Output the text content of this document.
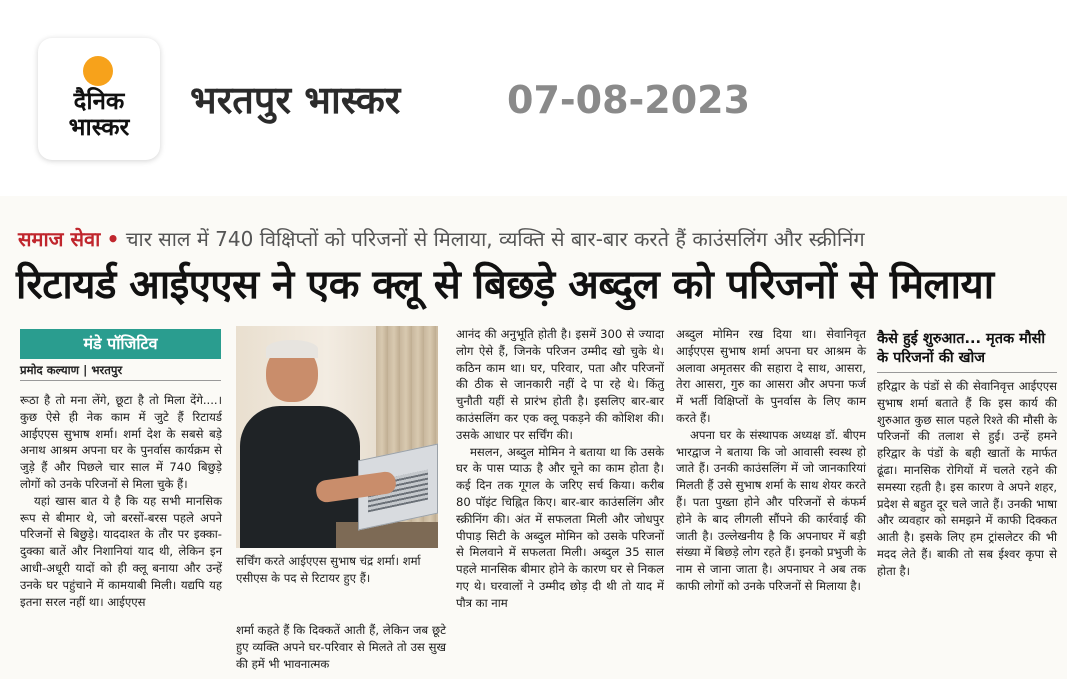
दैनिक
भास्कर
भरतपुर भास्कर	07-08-2023
समाज सेवा • चार साल में 740 विक्षिप्तों को परिजनों से मिलाया, व्यक्ति से बार-बार करते हैं काउंसलिंग और स्क्रीनिंग
रिटायर्ड आईएएस ने एक क्लू से बिछड़े अब्दुल को परिजनों से मिलाया
मंडे पॉजिटिव
प्रमोद कल्याण | भरतपुर

रूठा है तो मना लेंगे, छूटा है तो मिला देंगे....। कुछ ऐसे ही नेक काम में जुटे हैं रिटायर्ड आईएएस सुभाष शर्मा। शर्मा देश के सबसे बड़े अनाथ आश्रम अपना घर के पुनर्वास कार्यक्रम से जुड़े हैं और पिछले चार साल में 740 बिछुड़े लोगों को उनके परिजनों से मिला चुके हैं।

यहां खास बात ये है कि यह सभी मानसिक रूप से बीमार थे, जो बरसों-बरस पहले अपने परिजनों से बिछुड़े। याददाश्त के तौर पर इक्का-दुक्का बातें और निशानियां याद थी, लेकिन इन आधी-अधूरी यादों को ही क्लू बनाया और उन्हें उनके घर पहुंचाने में कामयाबी मिली। यद्यपि यह इतना सरल नहीं था। आईएएस

सर्चिंग करते आईएएस सुभाष चंद्र शर्मा। शर्मा एसीएस के पद से रिटायर हुए हैं।

शर्मा कहते हैं कि दिक्कतें आती हैं, लेकिन जब छूटे हुए व्यक्ति अपने घर-परिवार से मिलते तो उस सुख की हमें भी भावनात्मक

आनंद की अनुभूति होती है। इसमें 300 से ज्यादा लोग ऐसे हैं, जिनके परिजन उम्मीद खो चुके थे। कठिन काम था। घर, परिवार, पता और परिजनों की ठीक से जानकारी नहीं दे पा रहे थे। किंतु चुनौती यहीं से प्रारंभ होती है। इसलिए बार-बार काउंसलिंग कर एक क्लू पकड़ने की कोशिश की। उसके आधार पर सर्चिंग की।

मसलन, अब्दुल मोमिन ने बताया था कि उसके घर के पास प्याऊ है और चूने का काम होता है। कई दिन तक गूगल के जरिए सर्च किया। करीब 80 पॉइंट चिह्नित किए। बार-बार काउंसलिंग और स्क्रीनिंग की। अंत में सफलता मिली और जोधपुर पीपाड़ सिटी के अब्दुल मोमिन को उसके परिजनों से मिलवाने में सफलता मिली। अब्दुल 35 साल पहले मानसिक बीमार होने के कारण घर से निकल गए थे। घरवालों ने उम्मीद छोड़ दी थी तो याद में पौत्र का नाम

अब्दुल मोमिन रख दिया था। सेवानिवृत आईएएस सुभाष शर्मा अपना घर आश्रम के अलावा अमृतसर की सहारा दे साथ, आसरा, तेरा आसरा, गुरु का आसरा और अपना फर्ज में भर्ती विक्षिप्तों के पुनर्वास के लिए काम करते हैं।

अपना घर के संस्थापक अध्यक्ष डॉ. बीएम भारद्वाज ने बताया कि जो आवासी स्वस्थ हो जाते हैं। उनकी काउंसलिंग में जो जानकारियां मिलती हैं उसे सुभाष शर्मा के साथ शेयर करते हैं। पता पुख्ता होने और परिजनों से कंफर्म होने के बाद लीगली सौंपने की कार्रवाई की जाती है। उल्लेखनीय है कि अपनाघर में बड़ी संख्या में बिछड़े लोग रहते हैं। इनको प्रभुजी के नाम से जाना जाता है। अपनाघर ने अब तक काफी लोगों को उनके परिजनों से मिलाया है।

कैसे हुई शुरुआत... मृतक मौसी के परिजनों की खोज

हरिद्वार के पंडों से की सेवानिवृत्त आईएएस सुभाष शर्मा बताते हैं कि इस कार्य की शुरुआत कुछ साल पहले रिश्ते की मौसी के परिजनों की तलाश से हुई। उन्हें हमने हरिद्वार के पंडों के बही खातों के मार्फत ढूंढा। मानसिक रोगियों में चलते रहने की समस्या रहती है। इस कारण वे अपने शहर, प्रदेश से बहुत दूर चले जाते हैं। उनकी भाषा और व्यवहार को समझने में काफी दिक्कत आती है। इसके लिए हम ट्रांसलेटर की भी मदद लेते हैं। बाकी तो सब ईश्वर कृपा से होता है।
